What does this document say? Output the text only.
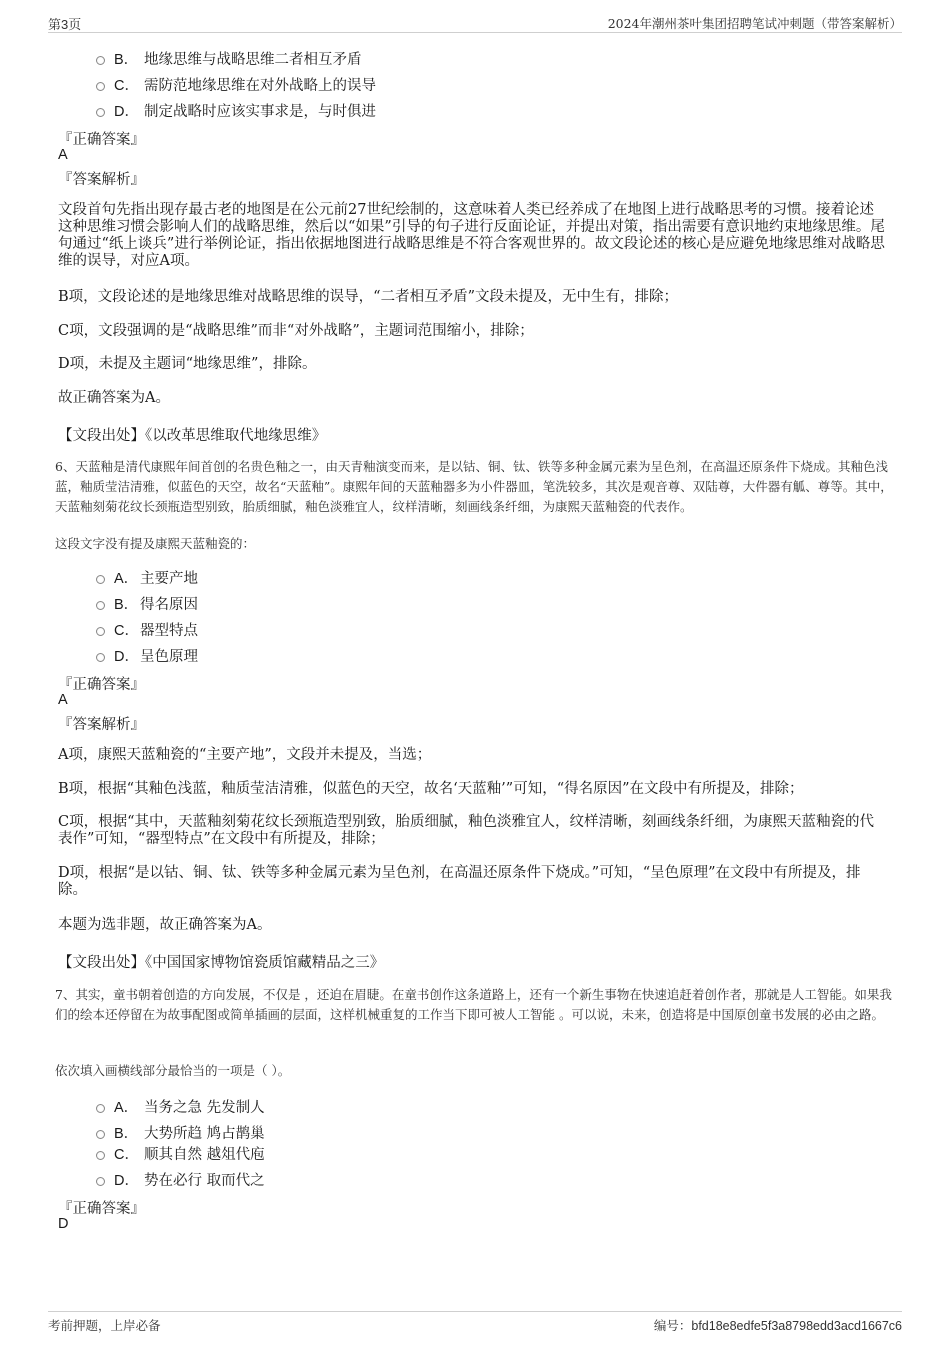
第3页	2024年潮州茶叶集团招聘笔试冲刺题（带答案解析）
B． 地缘思维与战略思维二者相互矛盾
C． 需防范地缘思维在对外战略上的误导
D． 制定战略时应该实事求是，与时俱进
『正确答案』
A
『答案解析』
文段首句先指出现存最古老的地图是在公元前27世纪绘制的，这意味着人类已经养成了在地图上进行战略思考的习惯。接着论述这种思维习惯会影响人们的战略思维，然后以“如果”引导的句子进行反面论证，并提出对策，指出需要有意识地约束地缘思维。尾句通过“纸上谈兵”进行举例论证，指出依据地图进行战略思维是不符合客观世界的。故文段论述的核心是应避免地缘思维对战略思维的误导，对应A项。
B项，文段论述的是地缘思维对战略思维的误导，“二者相互矛盾”文段未提及，无中生有，排除；
C项，文段强调的是“战略思维”而非“对外战略”，主题词范围缩小，排除；
D项，未提及主题词“地缘思维”，排除。
故正确答案为A。
【文段出处】《以改革思维取代地缘思维》
6、天蓝釉是清代康熙年间首创的名贵色釉之一，由天青釉演变而来，是以钴、铜、钛、铁等多种金属元素为呈色剂，在高温还原条件下烧成。其釉色浅蓝，釉质莹洁清雅，似蓝色的天空，故名“天蓝釉”。康熙年间的天蓝釉器多为小件器皿，笔洗较多，其次是观音尊、双陆尊，大件器有觚、尊等。其中，天蓝釉刻菊花纹长颈瓶造型别致，胎质细腻，釉色淡雅宜人，纹样清晰，刻画线条纤细，为康熙天蓝釉瓷的代表作。
这段文字没有提及康熙天蓝釉瓷的：
A． 主要产地
B． 得名原因
C． 器型特点
D． 呈色原理
『正确答案』
A
『答案解析』
A项，康熙天蓝釉瓷的“主要产地”，文段并未提及，当选；
B项，根据“其釉色浅蓝，釉质莹洁清雅，似蓝色的天空，故名‘天蓝釉’”可知，“得名原因”在文段中有所提及，排除；
C项，根据“其中，天蓝釉刻菊花纹长颈瓶造型别致，胎质细腻，釉色淡雅宜人，纹样清晰，刻画线条纤细，为康熙天蓝釉瓷的代表作”可知，“器型特点”在文段中有所提及，排除；
D项，根据“是以钴、铜、钛、铁等多种金属元素为呈色剂，在高温还原条件下烧成。”可知，“呈色原理”在文段中有所提及，排除。
本题为选非题，故正确答案为A。
【文段出处】《中国国家博物馆瓷质馆藏精品之三》
7、其实，童书朝着创造的方向发展，不仅是 ，还迫在眉睫。在童书创作这条道路上，还有一个新生事物在快速追赶着创作者，那就是人工智能。如果我们的绘本还停留在为故事配图或简单插画的层面，这样机械重复的工作当下即可被人工智能 。可以说，未来，创造将是中国原创童书发展的必由之路。
依次填入画横线部分最恰当的一项是（ ）。
A． 当务之急 先发制人
B． 大势所趋 鸠占鹊巢
C． 顺其自然 越俎代庖
D． 势在必行 取而代之
『正确答案』
D
考前押题，上岸必备	编号：bfd18e8edfe5f3a8798edd3acd1667c6
